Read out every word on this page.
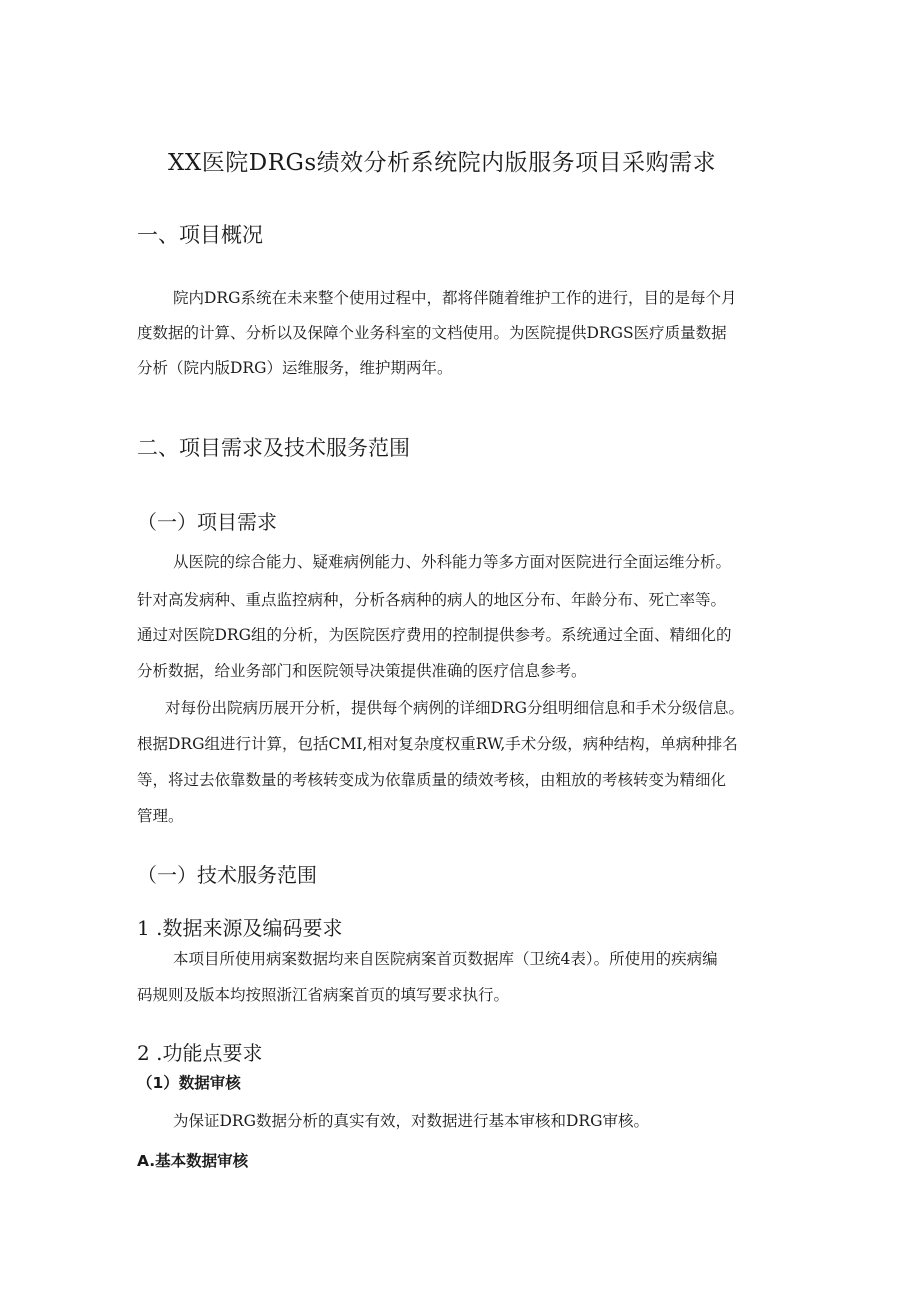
XX医院DRGs绩效分析系统院内版服务项目采购需求
一、项目概况
院内DRG系统在未来整个使用过程中，都将伴随着维护工作的进行，目的是每个月
度数据的计算、分析以及保障个业务科室的文档使用。为医院提供DRGS医疗质量数据
分析（院内版DRG）运维服务，维护期两年。
二、项目需求及技术服务范围
（一）项目需求
从医院的综合能力、疑难病例能力、外科能力等多方面对医院进行全面运维分析。
针对高发病种、重点监控病种，分析各病种的病人的地区分布、年龄分布、死亡率等。
通过对医院DRG组的分析，为医院医疗费用的控制提供参考。系统通过全面、精细化的
分析数据，给业务部门和医院领导决策提供准确的医疗信息参考。
对每份出院病历展开分析，提供每个病例的详细DRG分组明细信息和手术分级信息。
根据DRG组进行计算，包括CMI,相对复杂度权重RW,手术分级，病种结构，单病种排名
等，将过去依靠数量的考核转变成为依靠质量的绩效考核，由粗放的考核转变为精细化
管理。
（一）技术服务范围
1 .数据来源及编码要求
本项目所使用病案数据均来自医院病案首页数据库（卫统4表）。所使用的疾病编
码规则及版本均按照浙江省病案首页的填写要求执行。
2 .功能点要求
（1）数据审核
为保证DRG数据分析的真实有效，对数据进行基本审核和DRG审核。
A.基本数据审核
